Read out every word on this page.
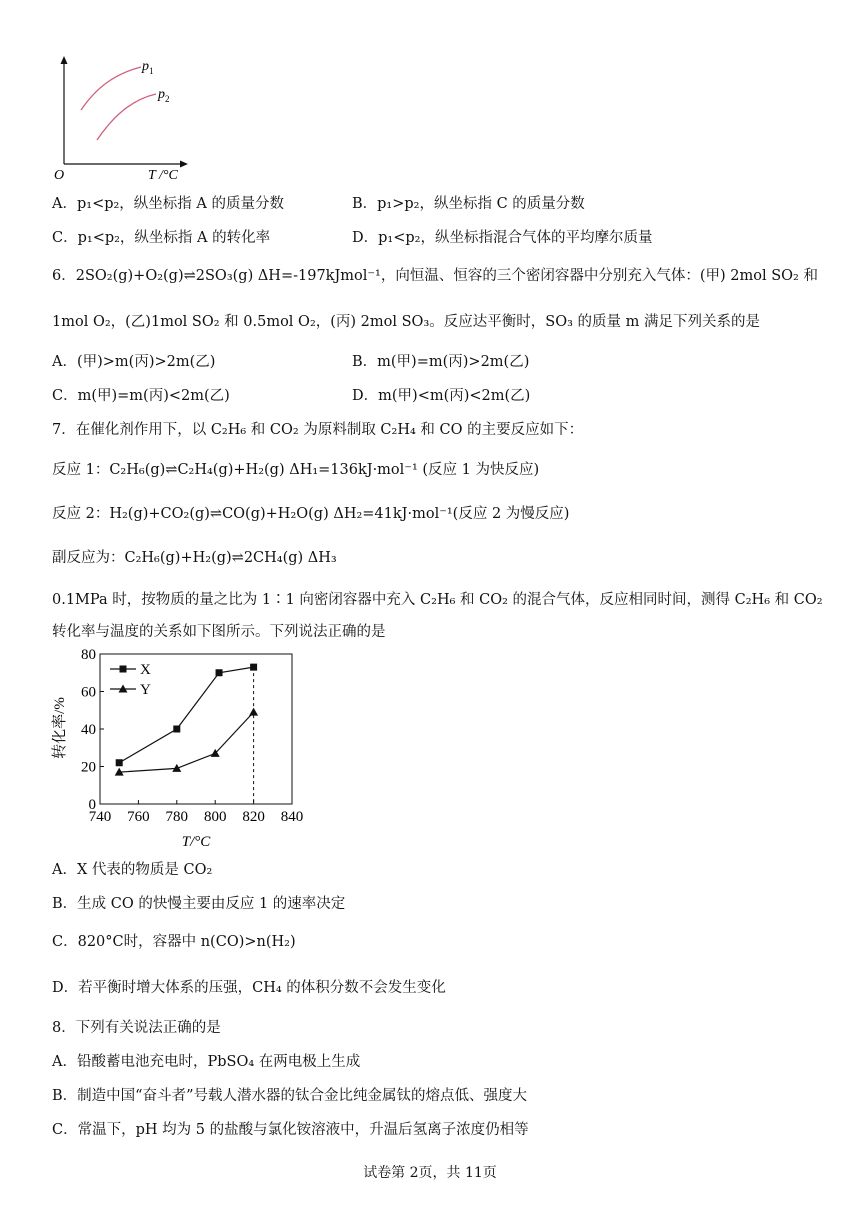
$p_1$
$p_2$
O	T /°C
A．p₁<p₂，纵坐标指 A 的质量分数	B．p₁>p₂，纵坐标指 C 的质量分数
C．p₁<p₂，纵坐标指 A 的转化率	D．p₁<p₂，纵坐标指混合气体的平均摩尔质量
6．2SO₂(g)+O₂(g)⇌2SO₃(g) ΔH=-197kJmol⁻¹，向恒温、恒容的三个密闭容器中分别充入气体：(甲) 2mol SO₂ 和
1mol O₂，(乙)1mol SO₂ 和 0.5mol O₂，(丙) 2mol SO₃。反应达平衡时，SO₃ 的质量 m 满足下列关系的是
A．(甲)>m(丙)>2m(乙)	B．m(甲)=m(丙)>2m(乙)
C．m(甲)=m(丙)<2m(乙)	D．m(甲)<m(丙)<2m(乙)
7．在催化剂作用下，以 C₂H₆ 和 CO₂ 为原料制取 C₂H₄ 和 CO 的主要反应如下：
反应 1：C₂H₆(g)⇌C₂H₄(g)+H₂(g) ΔH₁=136kJ·mol⁻¹ (反应 1 为快反应)
反应 2：H₂(g)+CO₂(g)⇌CO(g)+H₂O(g) ΔH₂=41kJ·mol⁻¹(反应 2 为慢反应)
副反应为：C₂H₆(g)+H₂(g)⇌2CH₄(g) ΔH₃
0.1MPa 时，按物质的量之比为 1∶1 向密闭容器中充入 C₂H₆ 和 CO₂ 的混合气体，反应相同时间，测得 C₂H₆ 和 CO₂
转化率与温度的关系如下图所示。下列说法正确的是
740 760 780 800 820 840
0
20
40
60
80
X
Y
转化率/%
T/°C
A．X 代表的物质是 CO₂
B．生成 CO 的快慢主要由反应 1 的速率决定
C．820°C时，容器中 n(CO)>n(H₂)
D．若平衡时增大体系的压强，CH₄ 的体积分数不会发生变化
8．下列有关说法正确的是
A．铅酸蓄电池充电时，PbSO₄ 在两电极上生成
B．制造中国“奋斗者”号载人潜水器的钛合金比纯金属钛的熔点低、强度大
C．常温下，pH 均为 5 的盐酸与氯化铵溶液中，升温后氢离子浓度仍相等
试卷第 2页，共 11页
